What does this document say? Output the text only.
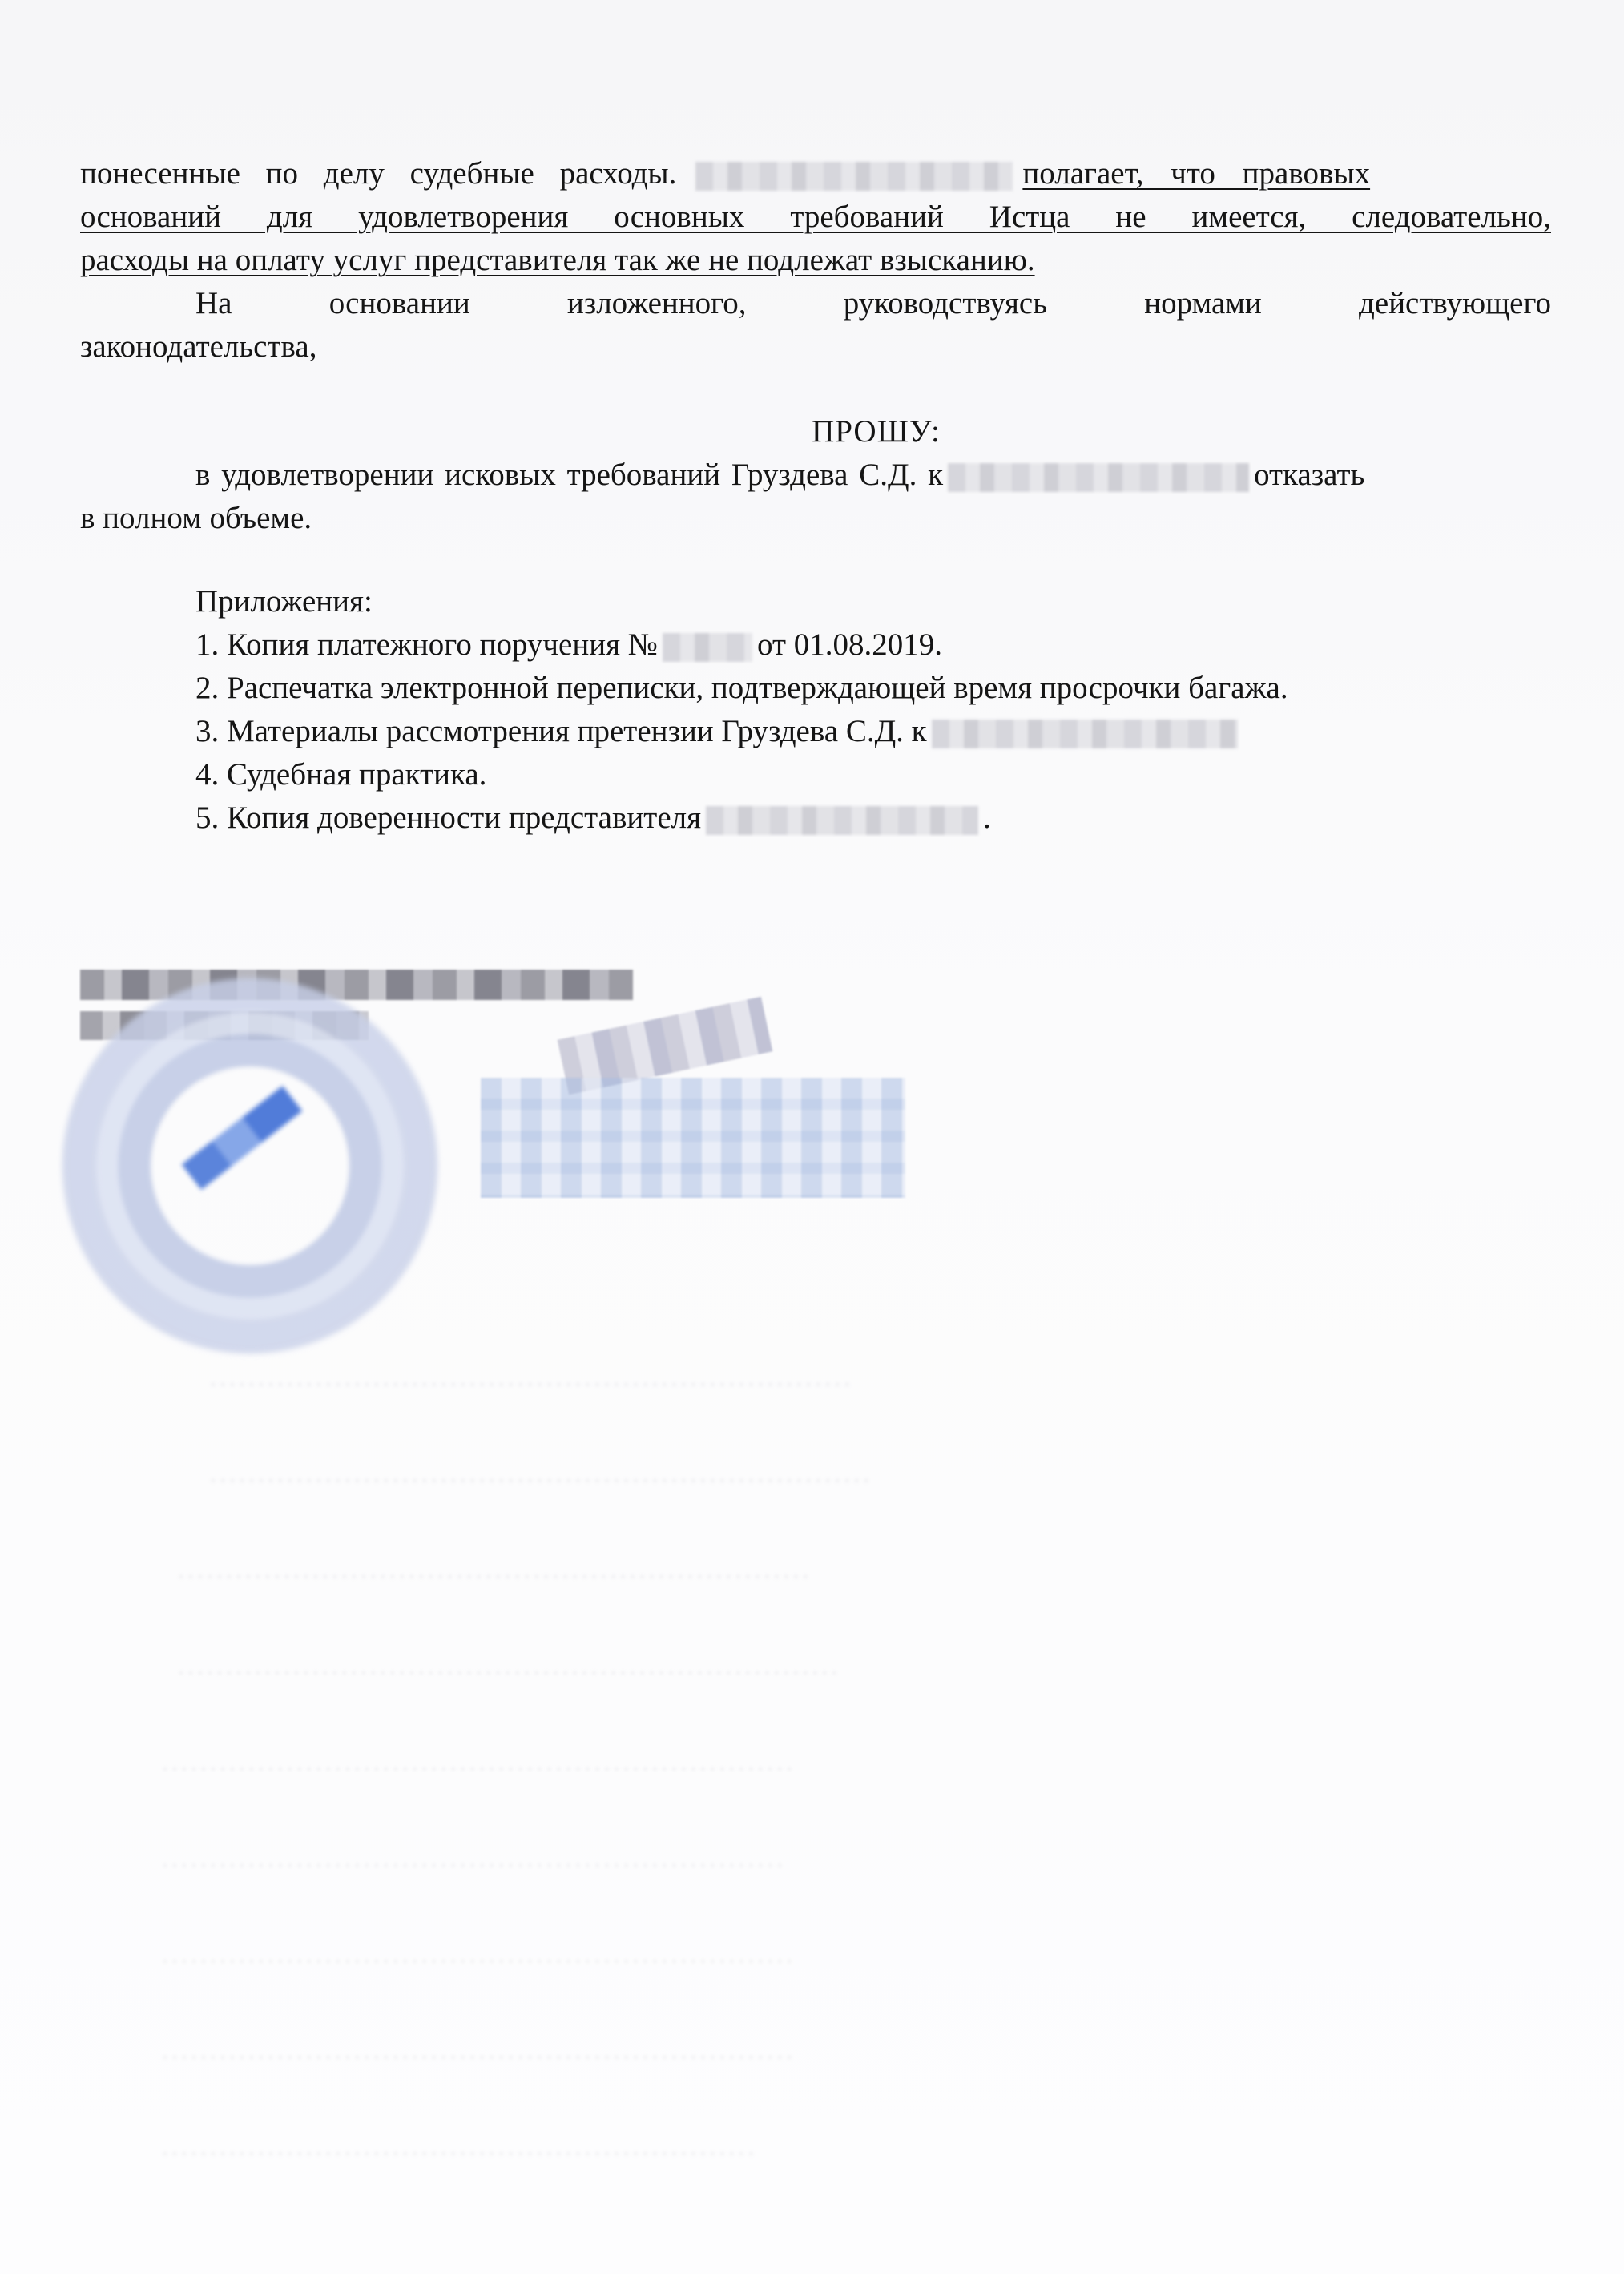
понесенные по делу судебные расходы.	полагает, что правовых
оснований для удовлетворения основных требований Истца не имеется, следовательно,
расходы на оплату услуг представителя так же не подлежат взысканию.
На основании изложенного, руководствуясь нормами действующего
законодательства,
ПРОШУ:
в удовлетворении исковых требований Груздева С.Д. к	отказать
в полном объеме.
Приложения:
1. Копия платежного поручения №	от 01.08.2019.
2. Распечатка электронной переписки, подтверждающей время просрочки багажа.
3. Материалы рассмотрения претензии Груздева С.Д. к
4. Судебная практика.
5. Копия доверенности представителя	.
···································································
·····································································
··································································
·····································································
··································································
·································································
··································································
··································································
······························································
